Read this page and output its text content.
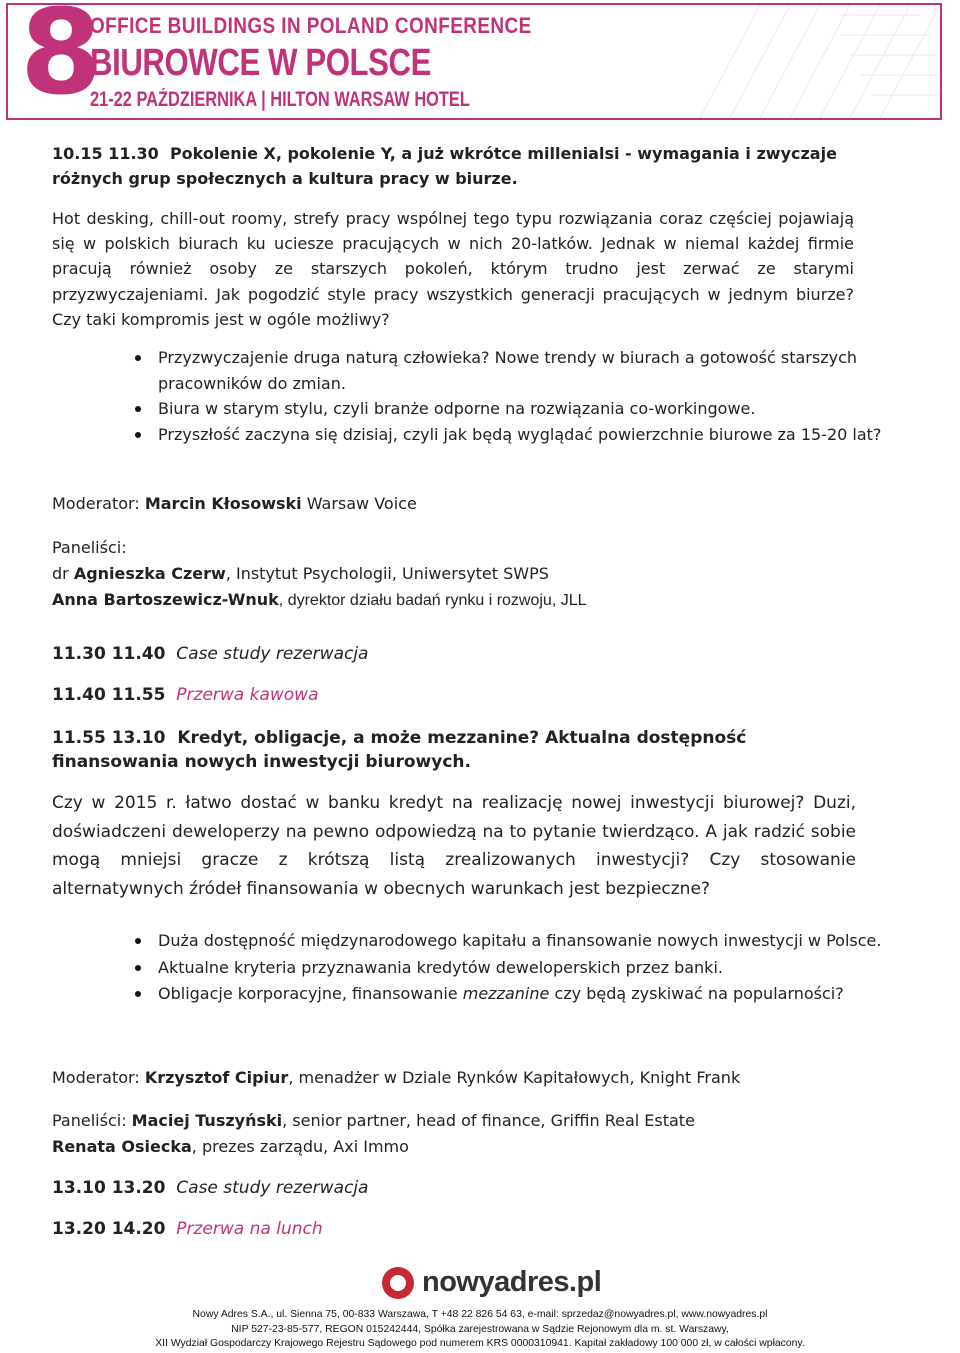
8
OFFICE BUILDINGS IN POLAND CONFERENCE
BIUROWCE W POLSCE
21-22 PAŹDZIERNIKA | HILTON WARSAW HOTEL

10.15 11.30 Pokolenie X, pokolenie Y, a już wkrótce millenialsi - wymagania i zwyczaje
różnych grup społecznych a kultura pracy w biurze.

Hot desking, chill-out roomy, strefy pracy wspólnej tego typu rozwiązania coraz częściej pojawiają się w polskich biurach ku uciesze pracujących w nich 20-latków. Jednak w niemal każdej firmie pracują również osoby ze starszych pokoleń, którym trudno jest zerwać ze starymi przyzwyczajeniami. Jak pogodzić style pracy wszystkich generacji pracujących w jednym biurze? Czy taki kompromis jest w ogóle możliwy?

Przyzwyczajenie druga naturą człowieka? Nowe trendy w biurach a gotowość starszych pracowników do zmian.
Biura w starym stylu, czyli branże odporne na rozwiązania co-workingowe.
Przyszłość zaczyna się dzisiaj, czyli jak będą wyglądać powierzchnie biurowe za 15-20 lat?
Moderator: Marcin Kłosowski Warsaw Voice

Paneliści:

dr Agnieszka Czerw, Instytut Psychologii, Uniwersytet SWPS

Anna Bartoszewicz-Wnuk, dyrektor działu badań rynku i rozwoju, JLL

11.30 11.40 Case study rezerwacja
11.40 11.55 Przerwa kawowa
11.55 13.10 Kredyt, obligacje, a może mezzanine? Aktualna dostępność finansowania nowych inwestycji biurowych.

Czy w 2015 r. łatwo dostać w banku kredyt na realizację nowej inwestycji biurowej? Duzi, doświadczeni deweloperzy na pewno odpowiedzą na to pytanie twierdząco. A jak radzić sobie mogą mniejsi gracze z krótszą listą zrealizowanych inwestycji? Czy stosowanie alternatywnych źródeł finansowania w obecnych warunkach jest bezpieczne?

Duża dostępność międzynarodowego kapitału a finansowanie nowych inwestycji w Polsce.
Aktualne kryteria przyznawania kredytów deweloperskich przez banki.
Obligacje korporacyjne, finansowanie mezzanine czy będą zyskiwać na popularności?
Moderator: Krzysztof Cipiur, menadżer w Dziale Rynków Kapitałowych, Knight Frank

Paneliści: Maciej Tuszyński, senior partner, head of finance, Griffin Real Estate

Renata Osiecka, prezes zarządu, Axi Immo

13.10 13.20 Case study rezerwacja
13.20 14.20 Przerwa na lunch
nowyadres.pl
Nowy Adres S.A., ul. Sienna 75, 00-833 Warszawa, T +48 22 826 54 63, e-mail: sprzedaz@nowyadres.pl, www.nowyadres.pl
NIP 527-23-85-577, REGON 015242444, Spółka zarejestrowana w Sądzie Rejonowym dla m. st. Warszawy,
XII Wydział Gospodarczy Krajowego Rejestru Sądowego pod numerem KRS 0000310941. Kapitał zakładowy 100 000 zł, w całości wpłacony.
